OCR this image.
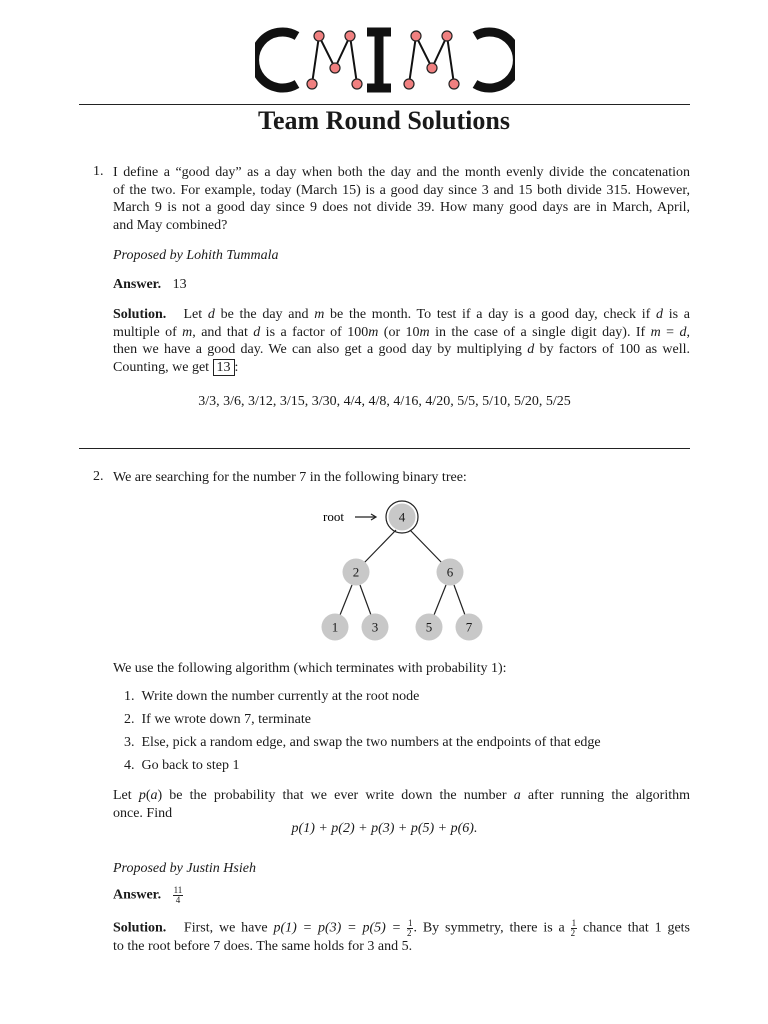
Team Round Solutions
1. I define a “good day” as a day when both the day and the month evenly divide the concatenation
of the two. For example, today (March 15) is a good day since 3 and 15 both divide 315. However,
March 9 is not a good day since 9 does not divide 39. How many good days are in March, April,
and May combined?
Proposed by Lohith Tummala
Answer. 13
Solution. Let d be the day and m be the month. To test if a day is a good day, check if d is a
multiple of m, and that d is a factor of 100m (or 10m in the case of a single digit day). If m = d,
then we have a good day. We can also get a good day by multiplying d by factors of 100 as well.
Counting, we get 13 :
3/3, 3/6, 3/12, 3/15, 3/30, 4/4, 4/8, 4/16, 4/20, 5/5, 5/10, 5/20, 5/25
2. We are searching for the number 7 in the following binary tree:
root	4
2	6
1	3	5	7
We use the following algorithm (which terminates with probability 1):
1. Write down the number currently at the root node
2. If we wrote down 7, terminate
3. Else, pick a random edge, and swap the two numbers at the endpoints of that edge
4. Go back to step 1
Let p(a) be the probability that we ever write down the number a after running the algorithm
once. Find
p(1) + p(2) + p(3) + p(5) + p(6).
Proposed by Justin Hsieh
Answer. $\frac{11}{4}$
Solution. First, we have $p(1) = p(3) = p(5) = \frac{1}{2}$ . By symmetry, there is a $\frac{1}{2}$ chance that 1 gets
to the root before 7 does. The same holds for 3 and 5.
